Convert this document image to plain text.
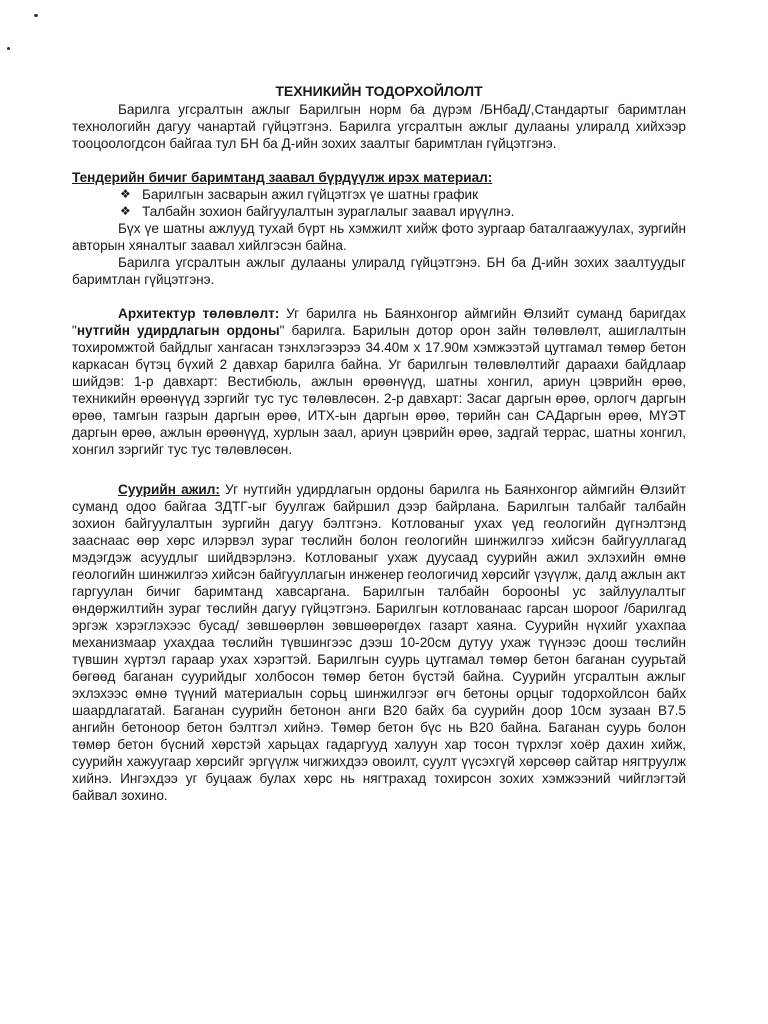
ТЕХНИКИЙН ТОДОРХОЙЛОЛТ

Барилга угсралтын ажлыг Барилгын норм ба дүрэм /БНбаД/,Стандартыг баримтлан технологийн дагуу чанартай гүйцэтгэнэ. Барилга угсралтын ажлыг дулааны улиралд хийхээр тооцоологдсон байгаа тул БН ба Д-ийн зохих заалтыг баримтлан гүйцэтгэнэ.

Тендерийн бичиг баримтанд заавал бүрдүүлж ирэх материал:
❖ Барилгын засварын ажил гүйцэтгэх үе шатны график
❖ Талбайн зохион байгуулалтын зураглалыг заавал ирүүлнэ.

Бүх үе шатны ажлууд тухай бүрт нь хэмжилт хийж фото зургаар баталгаажуулах, зургийн авторын хяналтыг заавал хийлгэсэн байна.

Барилга угсралтын ажлыг дулааны улиралд гүйцэтгэнэ. БН ба Д-ийн зохих заалтуудыг баримтлан гүйцэтгэнэ.

Архитектур төлөвлөлт: Уг барилга нь Баянхонгор аймгийн Өлзийт суманд баригдах "нутгийн удирдлагын ордоны" барилга. Барилын дотор орон зайн төлөвлөлт, ашиглалтын тохиромжтой байдлыг хангасан тэнхлэгээрээ 34.40м х 17.90м хэмжээтэй цутгамал төмөр бетон каркасан бүтэц бүхий 2 давхар барилга байна. Уг барилгын төлөвлөлтийг дараахи байдлаар шийдэв: 1-р давхарт: Вестибюль, ажлын өрөөнүүд, шатны хонгил, ариун цэврийн өрөө, техникийн өрөөнүүд зэргийг тус тус төлөвлөсөн. 2-р давхарт: Засаг даргын өрөө, орлогч даргын өрөө, тамгын газрын даргын өрөө, ИТХ-ын даргын өрөө, төрийн сан САДаргын өрөө, МҮЭТ даргын өрөө, ажлын өрөөнүүд, хурлын заал, ариун цэврийн өрөө, задгай террас, шатны хонгил, хонгил зэргийг тус тус төлөвлөсөн.

Суурийн ажил: Уг нутгийн удирдлагын ордоны барилга нь Баянхонгор аймгийн Өлзийт суманд одоо байгаа ЗДТГ-ыг буулгаж байршил дээр байрлана. Барилгын талбайг талбайн зохион байгуулалтын зургийн дагуу бэлтгэнэ. Котлованыг ухах үед геологийн дүгнэлтэнд зааснаас өөр хөрс илэрвэл зураг төслийн болон геологийн шинжилгээ хийсэн байгууллагад мэдэгдэж асуудлыг шийдвэрлэнэ. Котлованыг ухаж дуусаад суурийн ажил эхлэхийн өмнө геологийн шинжилгээ хийсэн байгууллагын инженер геологичид хөрсийг үзүүлж, далд ажлын акт гаргуулан бичиг баримтанд хавсаргана. Барилгын талбайн бороонЫ ус зайлуулалтыг өндөржилтийн зураг төслийн дагуу гүйцэтгэнэ. Барилгын котлованаас гарсан шороог /барилгад эргэж хэрэглэхээс бусад/ зөвшөөрлөн зөвшөөрөгдөх газарт хаяна. Суурийн нүхийг ухахпаа механизмаар ухахдаа төслийн түвшингээс дээш 10-20см дутуу ухаж түүнээс доош төслийн түвшин хүртэл гараар ухах хэрэгтэй. Барилгын суурь цутгамал төмөр бетон баганан суурьтай бөгөөд баганан суурийдыг холбосон төмөр бетон бүстэй байна. Суурийн угсралтын ажлыг эхлэхээс өмнө түүний материалын сорьц шинжилгээг өгч бетоны орцыг тодорхойлсон байх шаардлагатай. Баганан суурийн бетонон анги В20 байх ба суурийн доор 10см зузаан В7.5 ангийн бетоноор бетон бэлтгэл хийнэ. Төмөр бетон бүс нь В20 байна. Баганан суурь болон төмөр бетон бүсний хөрстэй харьцах гадаргууд халуун хар тосон түрхлэг хоёр дахин хийж, суурийн хажуугаар хөрсийг эргүүлж чигжихдээ овоилт, суулт үүсэхгүй хөрсөөр сайтар нягтруулж хийнэ. Ингэхдээ уг буцааж булах хөрс нь нягтрахад тохирсон зохих хэмжээний чийглэгтэй байвал зохино.
